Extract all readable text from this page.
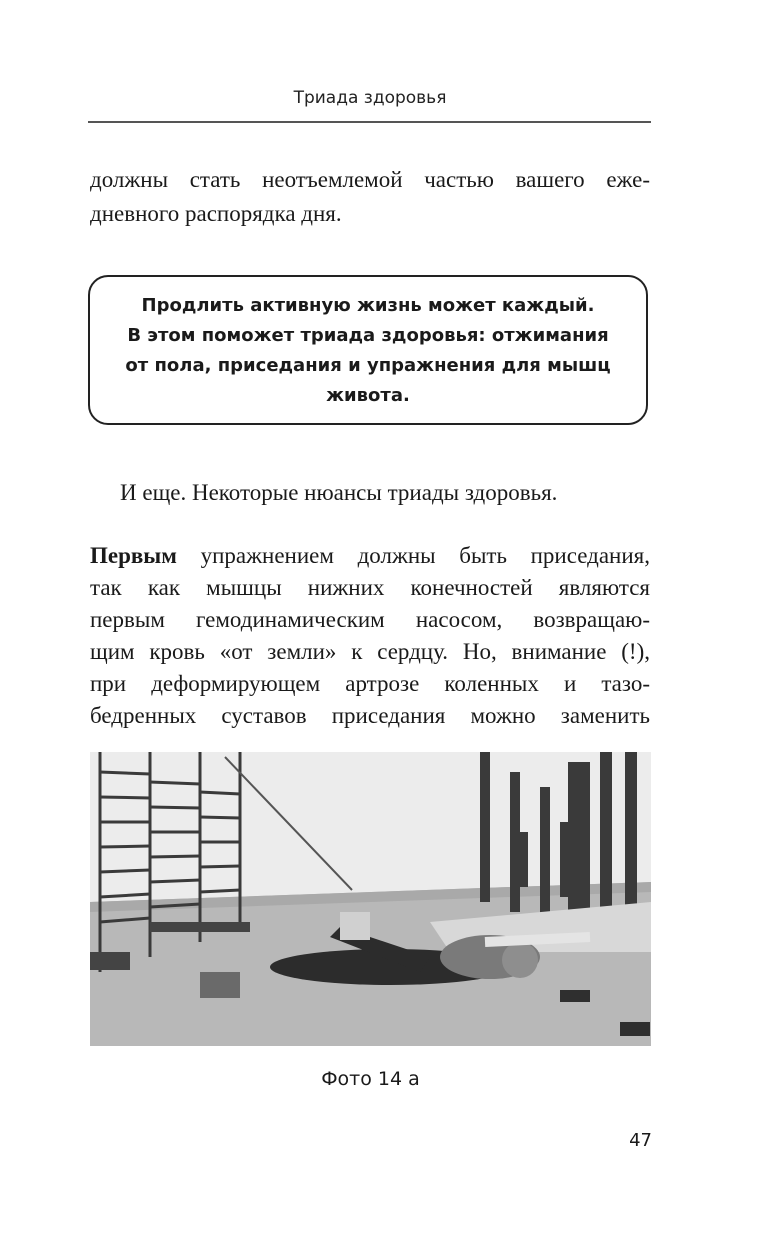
Триада здоровья
должны стать неотъемлемой частью вашего еже-
дневного распорядка дня.
Продлить активную жизнь может каждый.
В этом поможет триада здоровья: отжимания
от пола, приседания и упражнения для мышц
живота.
И еще. Некоторые нюансы триады здоровья.
Первым упражнением должны быть приседания,
так как мышцы нижних конечностей являются
первым гемодинамическим насосом, возвращаю-
щим кровь «от земли» к сердцу. Но, внимание (!),
при деформирующем артрозе коленных и тазо-
бедренных суставов приседания можно заменить
Фото 14 а
47
